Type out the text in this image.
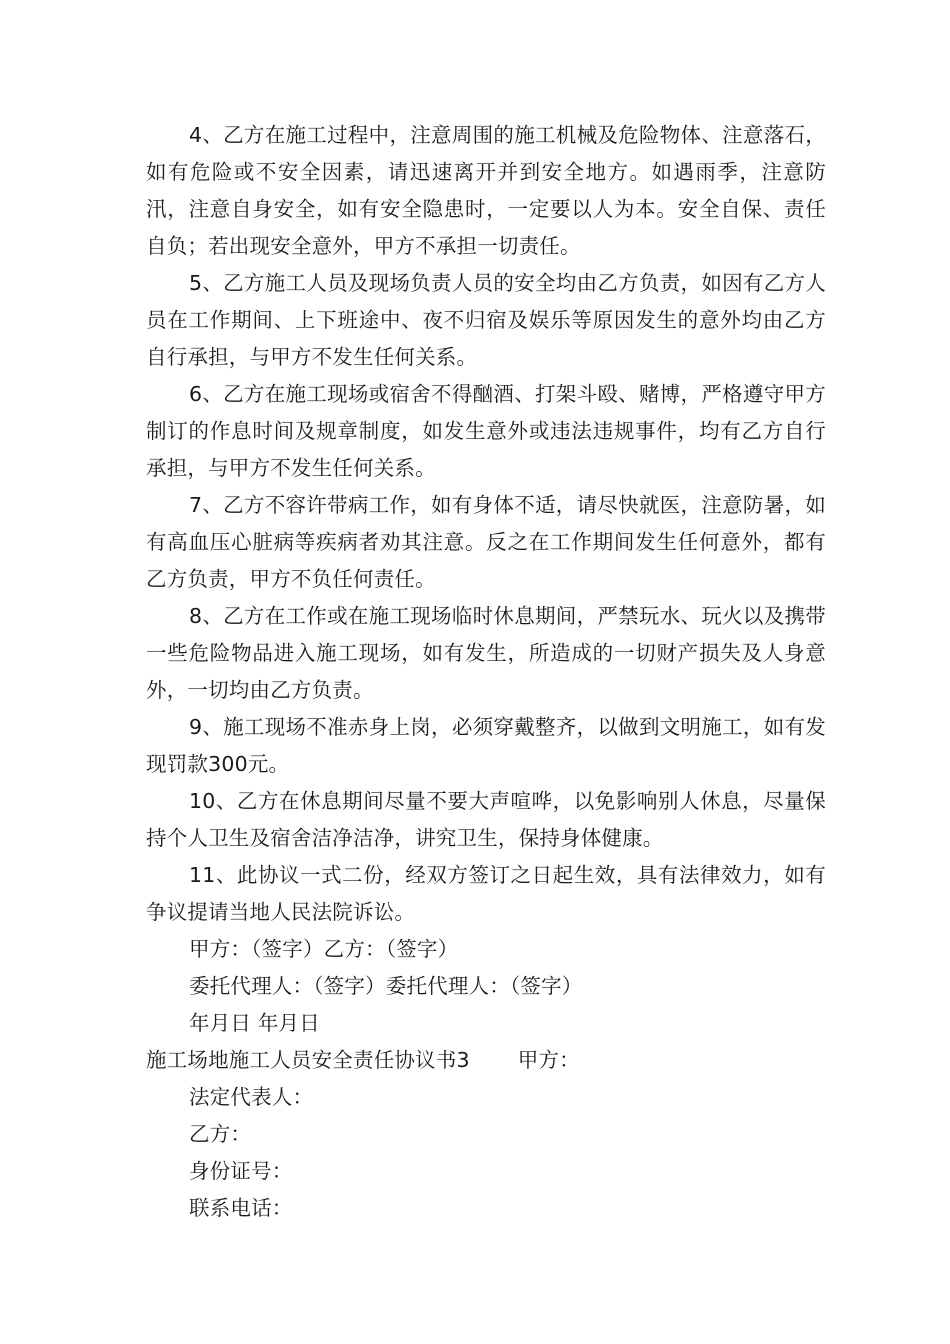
4、乙方在施工过程中，注意周围的施工机械及危险物体、注意落石，如有危险或不安全因素，请迅速离开并到安全地方。如遇雨季，注意防汛，注意自身安全，如有安全隐患时，一定要以人为本。安全自保、责任自负；若出现安全意外，甲方不承担一切责任。

5、乙方施工人员及现场负责人员的安全均由乙方负责，如因有乙方人员在工作期间、上下班途中、夜不归宿及娱乐等原因发生的意外均由乙方自行承担，与甲方不发生任何关系。

6、乙方在施工现场或宿舍不得酗酒、打架斗殴、赌博，严格遵守甲方制订的作息时间及规章制度，如发生意外或违法违规事件，均有乙方自行承担，与甲方不发生任何关系。

7、乙方不容许带病工作，如有身体不适，请尽快就医，注意防暑，如有高血压心脏病等疾病者劝其注意。反之在工作期间发生任何意外，都有乙方负责，甲方不负任何责任。

8、乙方在工作或在施工现场临时休息期间，严禁玩水、玩火以及携带一些危险物品进入施工现场，如有发生，所造成的一切财产损失及人身意外，一切均由乙方负责。

9、施工现场不准赤身上岗，必须穿戴整齐，以做到文明施工，如有发现罚款300元。

10、乙方在休息期间尽量不要大声喧哗，以免影响别人休息，尽量保持个人卫生及宿舍洁净洁净，讲究卫生，保持身体健康。

11、此协议一式二份，经双方签订之日起生效，具有法律效力，如有争议提请当地人民法院诉讼。

甲方：（签字）乙方：（签字）

委托代理人：（签字）委托代理人：（签字）

年月日 年月日

施工场地施工人员安全责任协议书3 甲方：

法定代表人：

乙方：

身份证号：

联系电话：
